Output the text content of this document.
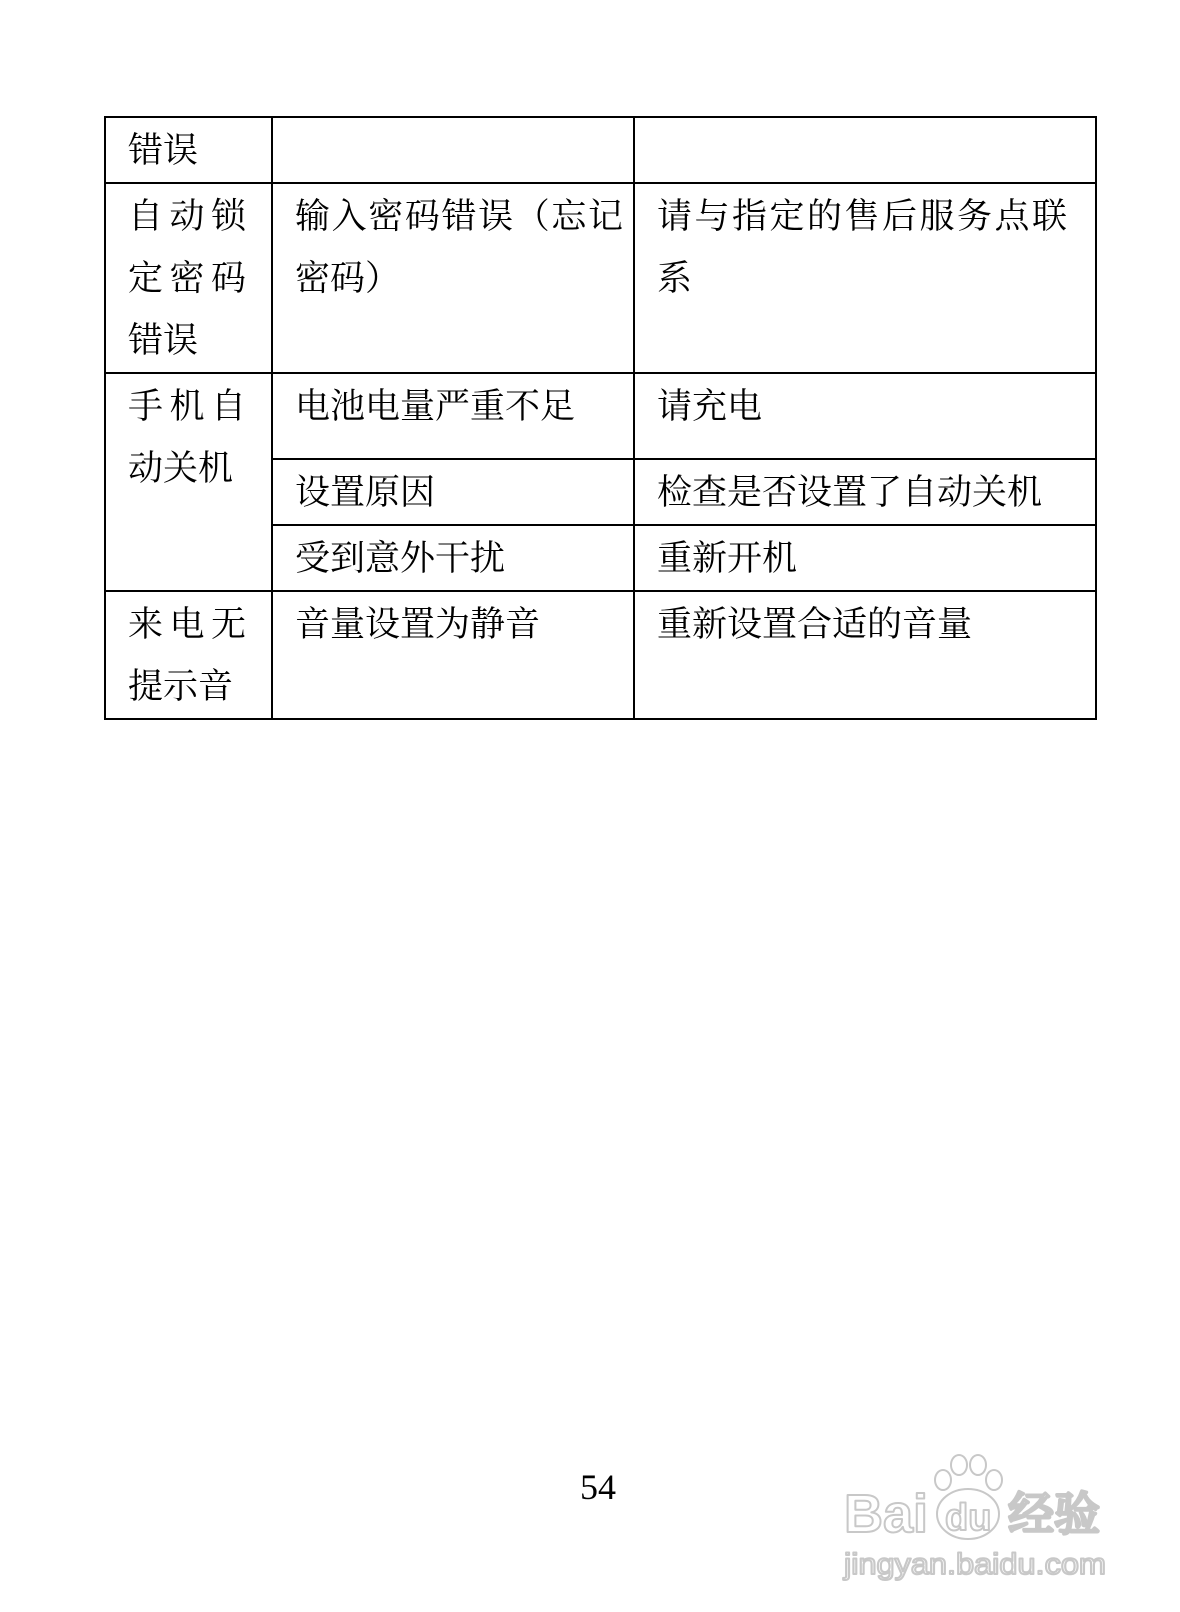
错误		
自动锁定密码错误	输入密码错误（忘记密码）	请与指定的售后服务点联系
手机自动关机	电池电量严重不足	请充电
	设置原因	检查是否设置了自动关机
	受到意外干扰	重新开机
来电无提示音	音量设置为静音	重新设置合适的音量
54	Bai du 经验
jingyan.baidu.com
